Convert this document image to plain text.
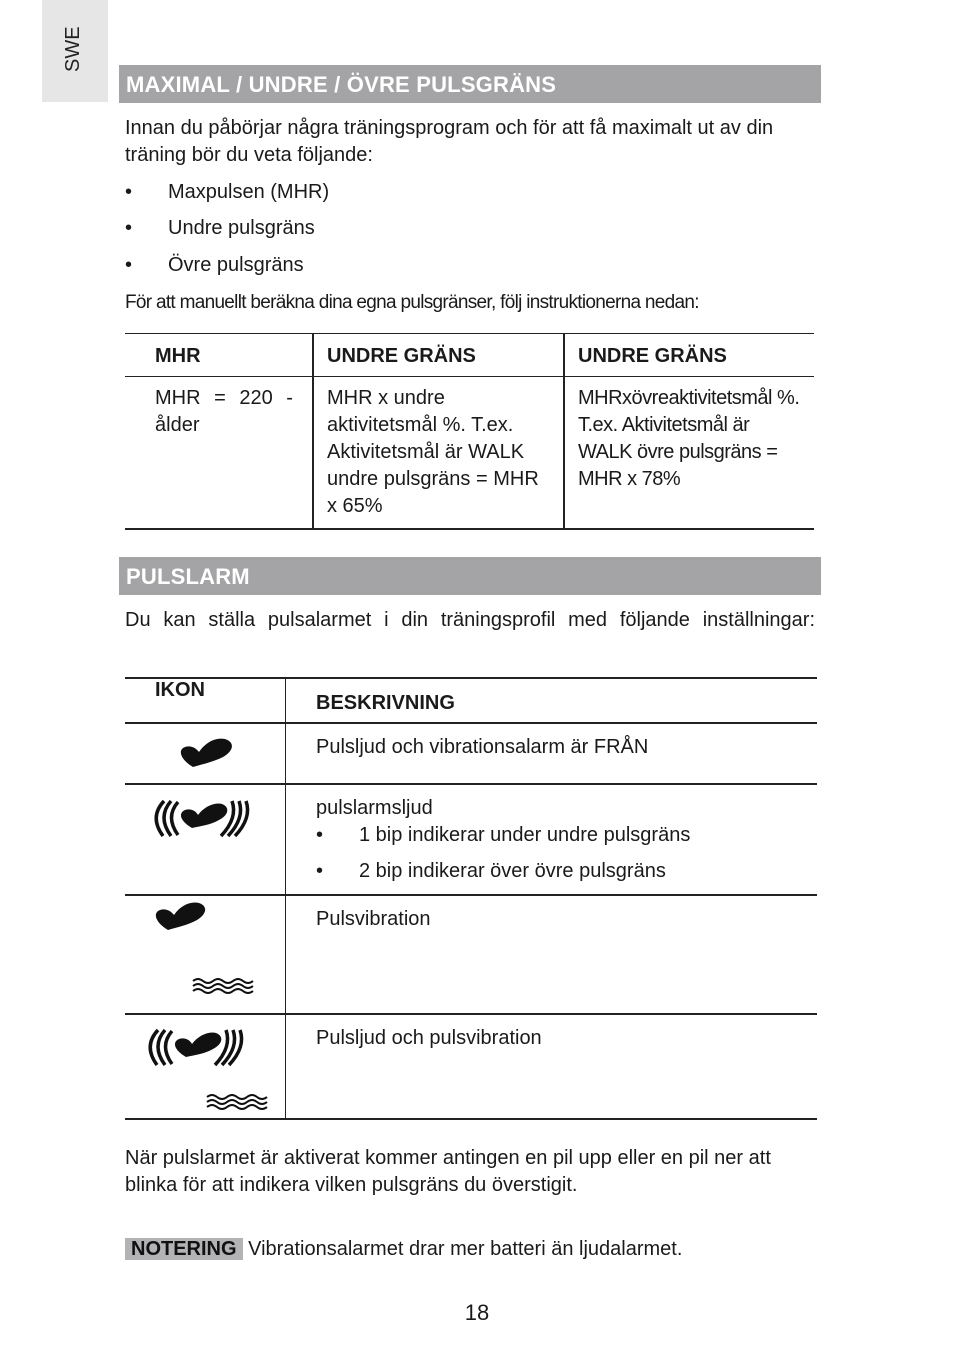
SWE
MAXIMAL / UNDRE / ÖVRE PULSGRÄNS
Innan du påbörjar några träningsprogram och för att få maximalt ut av din träning bör du veta följande:
• Maxpulsen (MHR)
• Undre pulsgräns
• Övre pulsgräns
För att manuellt beräkna dina egna pulsgränser, följ instruktionerna nedan:
MHR	UNDRE GRÄNS	UNDRE GRÄNS

MHR = 220 - ålder	MHR x undre aktivitetsmål %. T.ex. Aktivitetsmål är WALK undre pulsgräns = MHR x 65%	MHRxövreaktivitetsmål %. T.ex. Aktivitetsmål är WALK övre pulsgräns = MHR x 78%
PULSLARM
Du kan ställa pulsalarmet i din träningsprofil med följande inställningar:
IKON	BESKRIVNING

	Pulsljud och vibrationsalarm är FRÅN

pulslarmsljud
• 1 bip indikerar under undre pulsgräns
• 2 bip indikerar över övre pulsgräns

	Pulsvibration

	Pulsljud och pulsvibration
När pulslarmet är aktiverat kommer antingen en pil upp eller en pil ner att blinka för att indikera vilken pulsgräns du överstigit.
NOTERING Vibrationsalarmet drar mer batteri än ljudalarmet.
18
